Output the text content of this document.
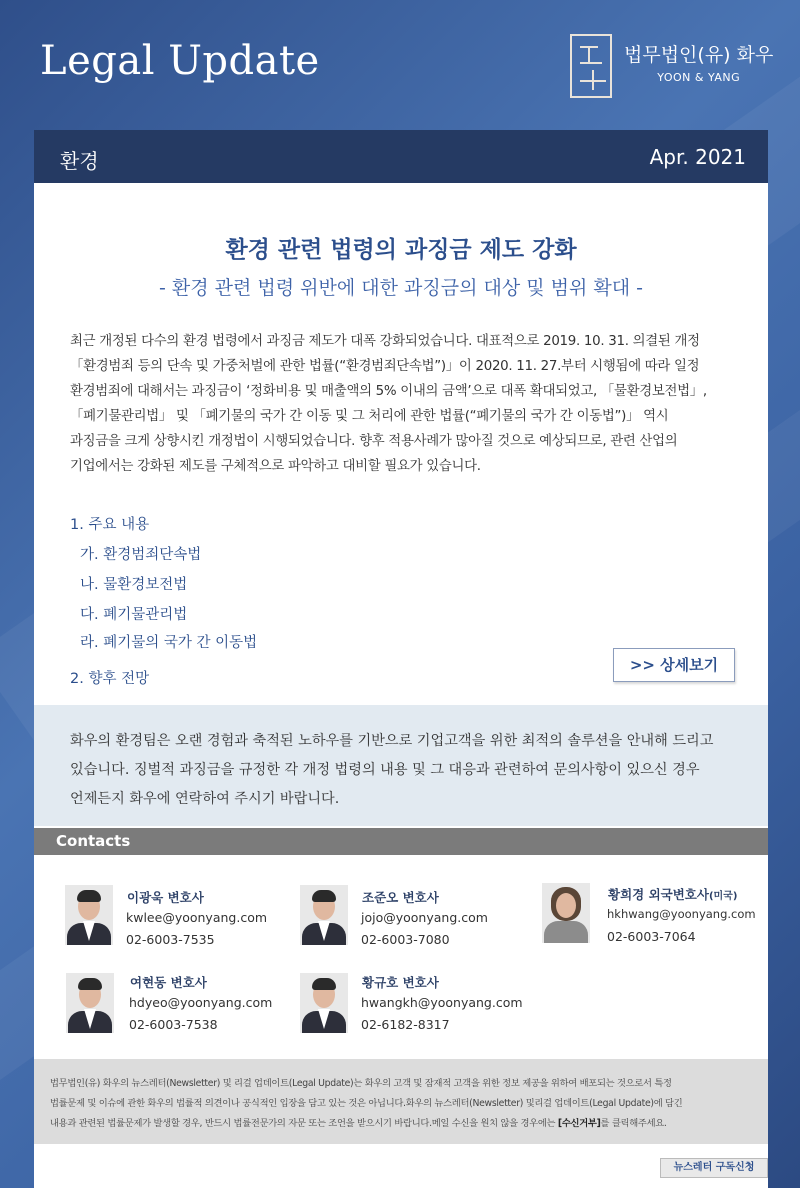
Legal Update	법무법인(유) 화우
YOON & YANG
환경	Apr. 2021
환경 관련 법령의 과징금 제도 강화
- 환경 관련 법령 위반에 대한 과징금의 대상 및 범위 확대 -
최근 개정된 다수의 환경 법령에서 과징금 제도가 대폭 강화되었습니다. 대표적으로 2019. 10. 31. 의결된 개정
「환경범죄 등의 단속 및 가중처벌에 관한 법률(“환경범죄단속법”)」이 2020. 11. 27.부터 시행됨에 따라 일정
환경범죄에 대해서는 과징금이 ‘정화비용 및 매출액의 5% 이내의 금액’으로 대폭 확대되었고, 「물환경보전법」,
「폐기물관리법」 및 「폐기물의 국가 간 이동 및 그 처리에 관한 법률(“폐기물의 국가 간 이동법”)」 역시
과징금을 크게 상향시킨 개정법이 시행되었습니다. 향후 적용사례가 많아질 것으로 예상되므로, 관련 산업의
기업에서는 강화된 제도를 구체적으로 파악하고 대비할 필요가 있습니다.
1. 주요 내용
가. 환경범죄단속법
나. 물환경보전법
다. 폐기물관리법
라. 폐기물의 국가 간 이동법
2. 향후 전망
>> 상세보기
화우의 환경팀은 오랜 경험과 축적된 노하우를 기반으로 기업고객을 위한 최적의 솔루션을 안내해 드리고
있습니다. 징벌적 과징금을 규정한 각 개정 법령의 내용 및 그 대응과 관련하여 문의사항이 있으신 경우
언제든지 화우에 연락하여 주시기 바랍니다.
Contacts
이광욱 변호사
kwlee@yoonyang.com
02-6003-7535
조준오 변호사
jojo@yoonyang.com
02-6003-7080
황희경 외국변호사(미국)
hkhwang@yoonyang.com
02-6003-7064
여현동 변호사
hdyeo@yoonyang.com
02-6003-7538
황규호 변호사
hwangkh@yoonyang.com
02-6182-8317
법무법인(유) 화우의 뉴스레터(Newsletter) 및 리걸 업데이트(Legal Update)는 화우의 고객 및 잠재적 고객을 위한 정보 제공을 위하여 배포되는 것으로서 특정
법률문제 및 이슈에 관한 화우의 법률적 의견이나 공식적인 입장을 담고 있는 것은 아닙니다.화우의 뉴스레터(Newsletter) 및리걸 업데이트(Legal Update)에 담긴
내용과 관련된 법률문제가 발생할 경우, 반드시 법률전문가의 자문 또는 조언을 받으시기 바랍니다.메일 수신을 원치 않을 경우에는 [수신거부]를 클릭해주세요.
06164 서울시 강남구 영동대로 517 아셈타워 19층	T: 02-6003-7000 E : hwawoonews@hwawoo.com	뉴스레터 구독신청
